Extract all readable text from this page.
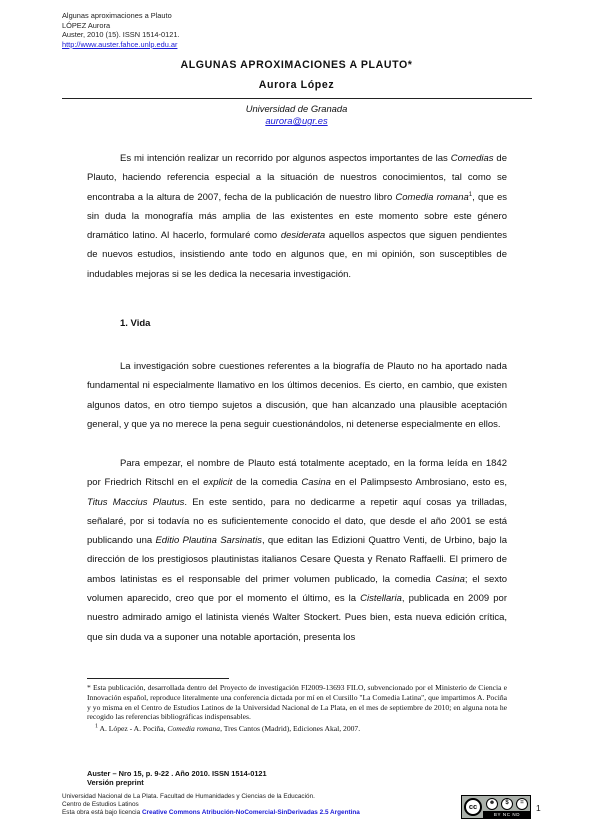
Algunas aproximaciones a Plauto
LÓPEZ Aurora
Auster, 2010 (15). ISSN 1514-0121.
http://www.auster.fahce.unlp.edu.ar
ALGUNAS APROXIMACIONES A PLAUTO*
Aurora López
Universidad de Granada
aurora@ugr.es

Es mi intención realizar un recorrido por algunos aspectos importantes de las Comedias de Plauto, haciendo referencia especial a la situación de nuestros conocimientos, tal como se encontraba a la altura de 2007, fecha de la publicación de nuestro libro Comedia romana$^1$, que es sin duda la monografía más amplia de las existentes en este momento sobre este género dramático latino. Al hacerlo, formularé como desiderata aquellos aspectos que siguen pendientes de nuevos estudios, insistiendo ante todo en algunos que, en mi opinión, son susceptibles de indudables mejoras si se les dedica la necesaria investigación.

1. Vida

La investigación sobre cuestiones referentes a la biografía de Plauto no ha aportado nada fundamental ni especialmente llamativo en los últimos decenios. Es cierto, en cambio, que existen algunos datos, en otro tiempo sujetos a discusión, que han alcanzado una plausible aceptación general, y que ya no merece la pena seguir cuestionándolos, ni detenerse especialmente en ellos.

Para empezar, el nombre de Plauto está totalmente aceptado, en la forma leída en 1842 por Friedrich Ritschl en el explicit de la comedia Casina en el Palimpsesto Ambrosiano, esto es, Titus Maccius Plautus. En este sentido, para no dedicarme a repetir aquí cosas ya trilladas, señalaré, por si todavía no es suficientemente conocido el dato, que desde el año 2001 se está publicando una Editio Plautina Sarsinatis, que editan las Edizioni Quattro Venti, de Urbino, bajo la dirección de los prestigiosos plautinistas italianos Cesare Questa y Renato Raffaelli. El primero de ambos latinistas es el responsable del primer volumen publicado, la comedia Casina; el sexto volumen aparecido, creo que por el momento el último, es la Cistellaria, publicada en 2009 por nuestro admirado amigo el latinista vienés Walter Stockert. Pues bien, esta nueva edición crítica, que sin duda va a suponer una notable aportación, presenta los

* Esta publicación, desarrollada dentro del Proyecto de investigación FI2009-13693 FILO, subvencionado por el Ministerio de Ciencia e Innovación español, reproduce literalmente una conferencia dictada por mí en el Cursillo "La Comedia Latina", que impartimos A. Pociña y yo misma en el Centro de Estudios Latinos de la Universidad Nacional de La Plata, en el mes de septiembre de 2010; en alguna nota he recogido las referencias bibliográficas indispensables.

$^1$ A. López - A. Pociña, Comedia romana, Tres Cantos (Madrid), Ediciones Akal, 2007.

Auster – Nro 15, p. 9-22 . Año 2010. ISSN 1514-0121
Versión preprint
Universidad Nacional de La Plata. Facultad de Humanidades y Ciencias de la Educación.
Centro de Estudios Latinos
Esta obra está bajo licencia Creative Commons Atribución-NoComercial-SinDerivadas 2.5 Argentina
cc	☻	$	=
BY NC ND
1
